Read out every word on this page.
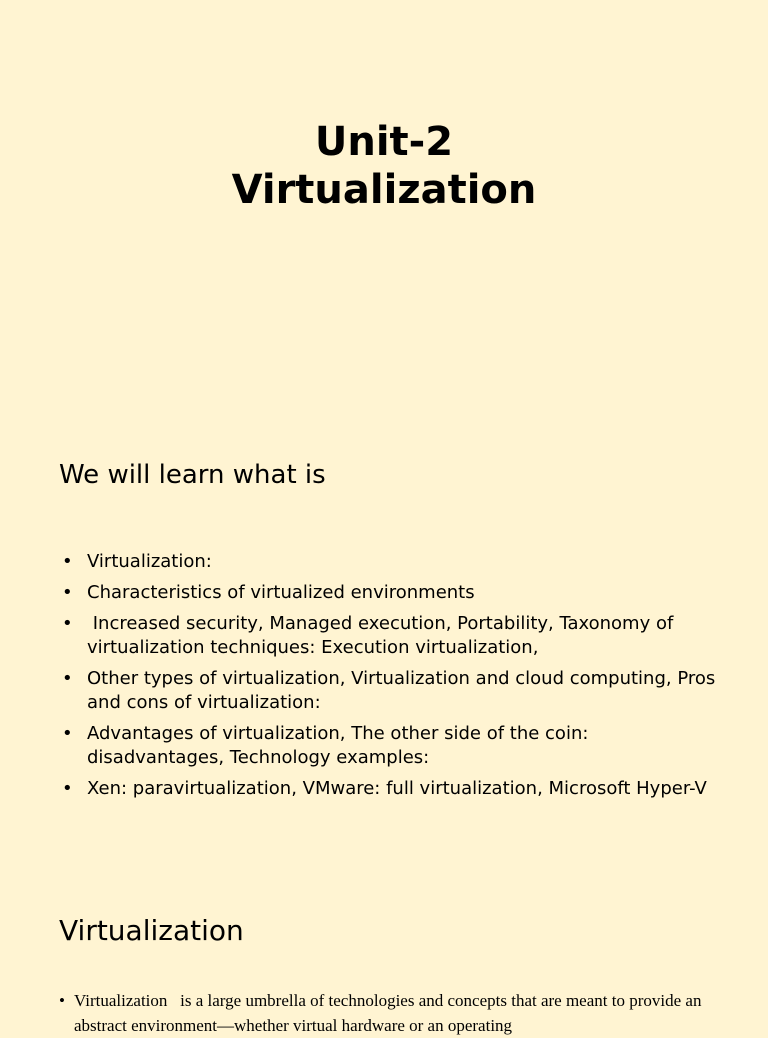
Unit-2
Virtualization
We will learn what is
• Virtualization:
• Characteristics of virtualized environments
• Increased security, Managed execution, Portability, Taxonomy of virtualization techniques: Execution virtualization,
• Other types of virtualization, Virtualization and cloud computing, Pros and cons of virtualization:
• Advantages of virtualization, The other side of the coin: disadvantages, Technology examples:
• Xen: paravirtualization, VMware: full virtualization, Microsoft Hyper-V
Virtualization
• Virtualization   is a large umbrella of technologies and concepts that are meant to provide an abstract environment—whether virtual hardware or an operating
